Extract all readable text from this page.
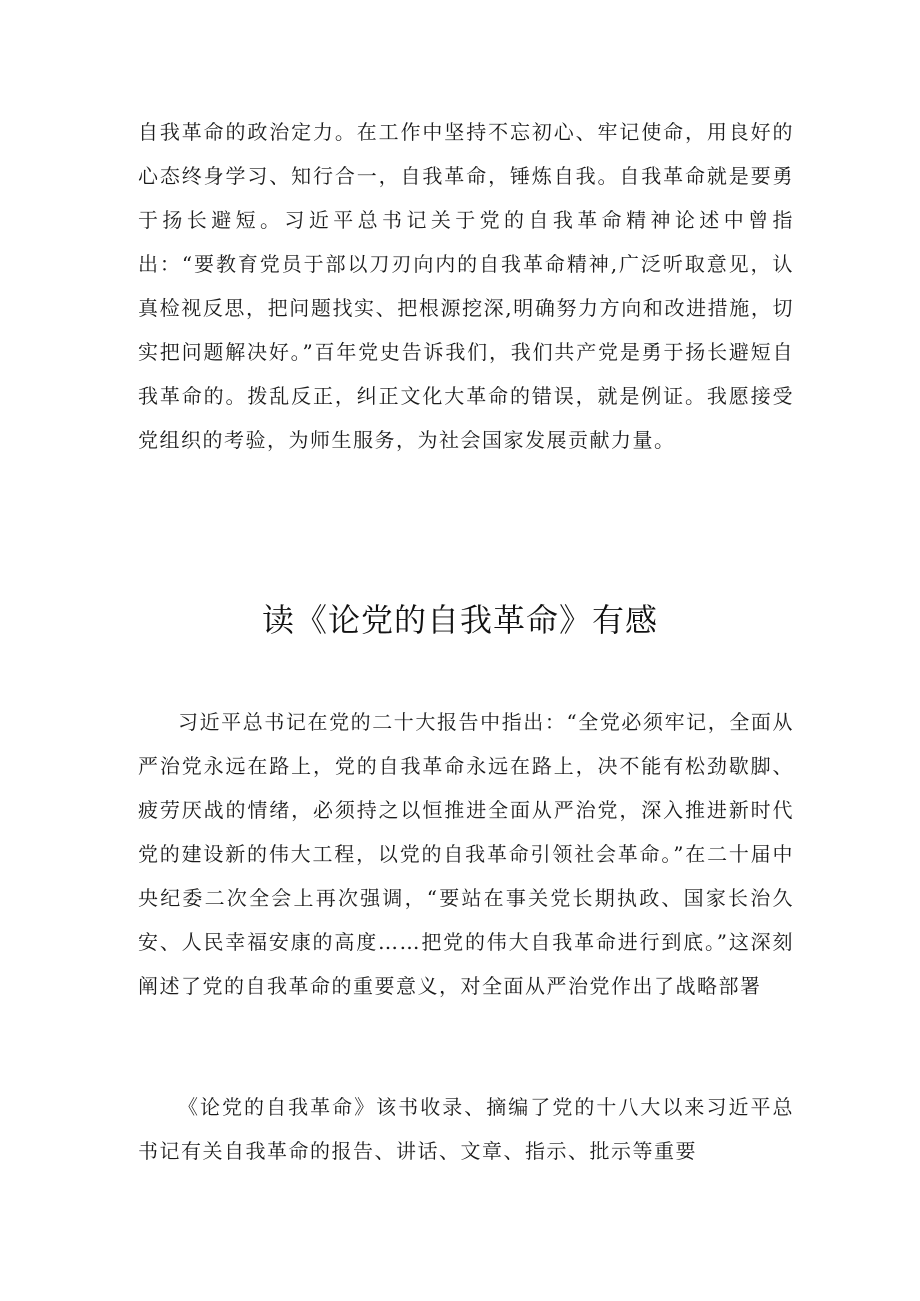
自我革命的政治定力。在工作中坚持不忘初心、牢记使命，用良好的心态终身学习、知行合一，自我革命，锤炼自我。自我革命就是要勇于扬长避短。习近平总书记关于党的自我革命精神论述中曾指出：“要教育党员于部以刀刃向内的自我革命精神,广泛听取意见，认真检视反思，把问题找实、把根源挖深,明确努力方向和改进措施，切实把问题解决好。”百年党史告诉我们，我们共产党是勇于扬长避短自我革命的。拨乱反正，纠正文化大革命的错误，就是例证。我愿接受党组织的考验，为师生服务，为社会国家发展贡献力量。
读《论党的自我革命》有感
习近平总书记在党的二十大报告中指出：“全党必须牢记，全面从严治党永远在路上，党的自我革命永远在路上，决不能有松劲歇脚、疲劳厌战的情绪，必须持之以恒推进全面从严治党，深入推进新时代党的建设新的伟大工程，以党的自我革命引领社会革命。”在二十届中央纪委二次全会上再次强调，“要站在事关党长期执政、国家长治久安、人民幸福安康的高度……把党的伟大自我革命进行到底。”这深刻阐述了党的自我革命的重要意义，对全面从严治党作出了战略部署
《论党的自我革命》该书收录、摘编了党的十八大以来习近平总书记有关自我革命的报告、讲话、文章、指示、批示等重要
